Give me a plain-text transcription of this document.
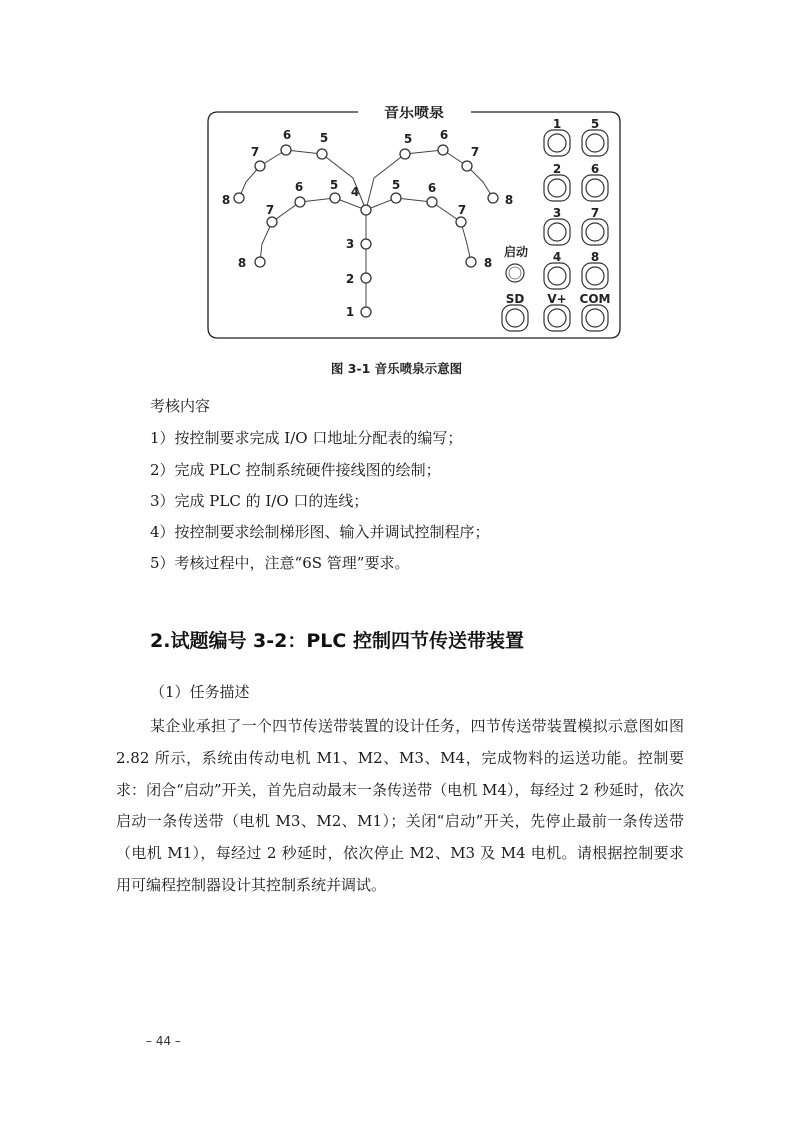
音乐喷泉
8
7
6 5	5 6
7
8
8
7
6 5 4	5 6
7
8
3
2
1
启动
1 5
2 6
3 7
4 8
SD V+ COM
图 3-1 音乐喷泉示意图
考核内容
1）按控制要求完成 I/O 口地址分配表的编写；
2）完成 PLC 控制系统硬件接线图的绘制；
3）完成 PLC 的 I/O 口的连线；
4）按控制要求绘制梯形图、输入并调试控制程序；
5）考核过程中，注意“6S 管理”要求。
2.试题编号 3-2：PLC 控制四节传送带装置
（1）任务描述
某企业承担了一个四节传送带装置的设计任务，四节传送带装置模拟示意图如图 2.82 所示，系统由传动电机 M1、M2、M3、M4，完成物料的运送功能。控制要求：闭合“启动”开关，首先启动最末一条传送带（电机 M4），每经过 2 秒延时，依次启动一条传送带（电机 M3、M2、M1）；关闭“启动”开关，先停止最前一条传送带（电机 M1），每经过 2 秒延时，依次停止 M2、M3 及 M4 电机。请根据控制要求用可编程控制器设计其控制系统并调试。
– 44 –
